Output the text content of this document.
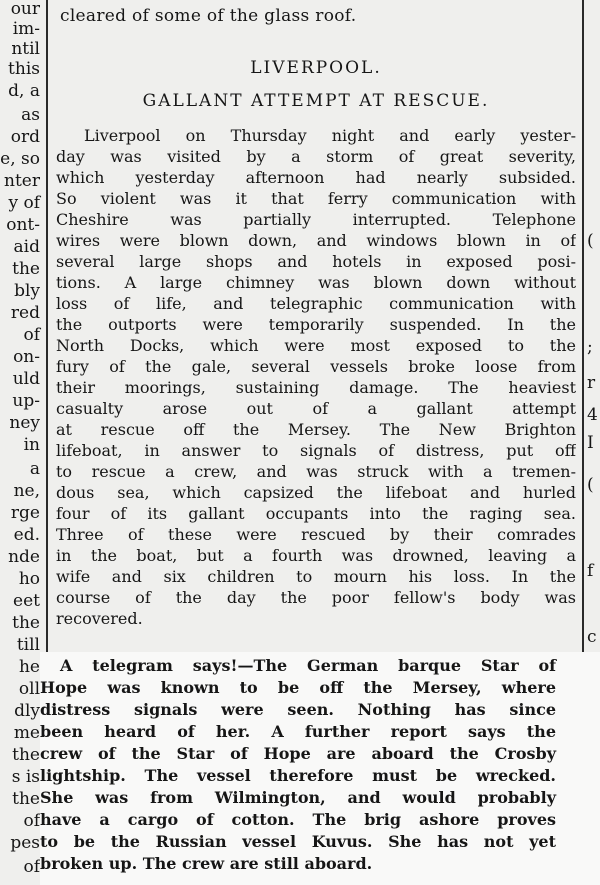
our
im-
ntil
this
d, a
as
ord
e, so
nter
y of
ont-
aid
the
bly
red
of
on-
uld
up-
ney
in
a
ne,
rge
ed.
nde
ho
eet
the
till
he
oll
dly
me
the
s is
the
of
pes
of
(
;
r
4
I
(
f
c
cleared of some of the glass roof.
LIVERPOOL.
GALLANT ATTEMPT AT RESCUE.
Liverpool on Thursday night and early yester-
day was visited by a storm of great severity,
which yesterday afternoon had nearly subsided.
So violent was it that ferry communication with
Cheshire was partially interrupted. Telephone
wires were blown down, and windows blown in of
several large shops and hotels in exposed posi-
tions. A large chimney was blown down without
loss of life, and telegraphic communication with
the outports were temporarily suspended. In the
North Docks, which were most exposed to the
fury of the gale, several vessels broke loose from
their moorings, sustaining damage. The heaviest
casualty arose out of a gallant attempt
at rescue off the Mersey. The New Brighton
lifeboat, in answer to signals of distress, put off
to rescue a crew, and was struck with a tremen-
dous sea, which capsized the lifeboat and hurled
four of its gallant occupants into the raging sea.
Three of these were rescued by their comrades
in the boat, but a fourth was drowned, leaving a
wife and six children to mourn his loss. In the
course of the day the poor fellow's body was
recovered.
A telegram says!—The German barque Star of
Hope was known to be off the Mersey, where
distress signals were seen. Nothing has since
been heard of her. A further report says the
crew of the Star of Hope are aboard the Crosby
lightship. The vessel therefore must be wrecked.
She was from Wilmington, and would probably
have a cargo of cotton. The brig ashore proves
to be the Russian vessel Kuvus. She has not yet
broken up. The crew are still aboard.
